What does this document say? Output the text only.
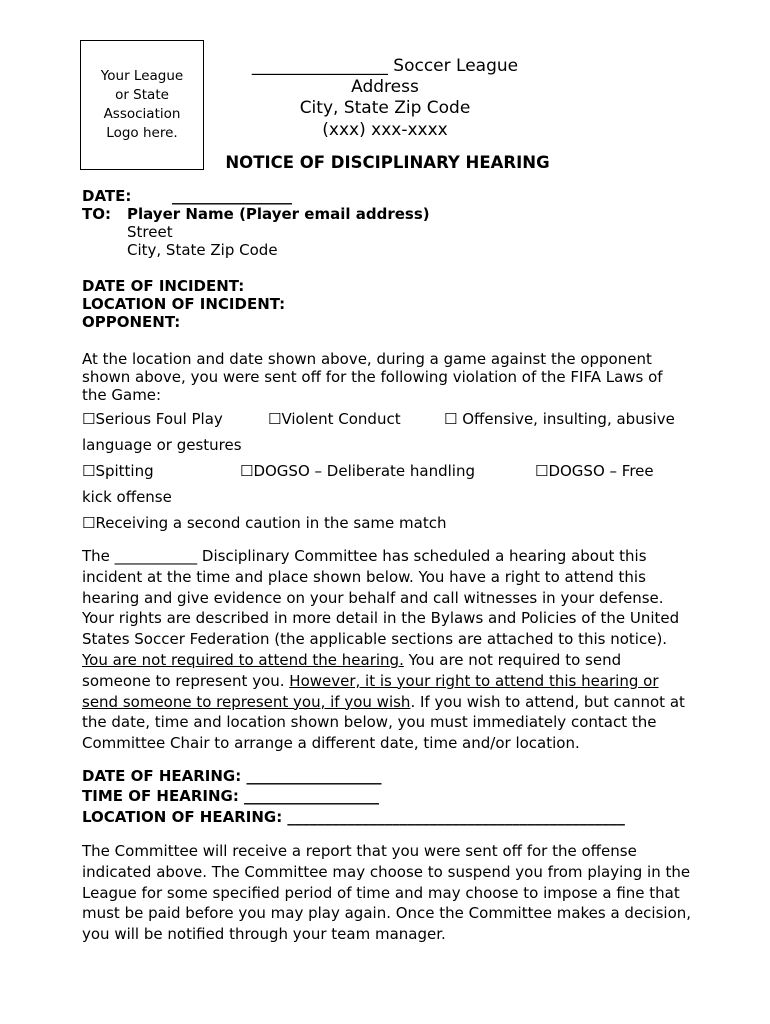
Your League
or State
Association
Logo here.
________________ Soccer League
Address
City, State Zip Code
(xxx) xxx-xxxx
NOTICE OF DISCIPLINARY HEARING
DATE:	________________
TO: Player Name (Player email address)
Street
City, State Zip Code
DATE OF INCIDENT:
LOCATION OF INCIDENT:
OPPONENT:
At the location and date shown above, during a game against the opponent shown above, you were sent off for the following violation of the FIFA Laws of the Game:
☐Serious Foul Play	☐Violent Conduct	☐ Offensive, insulting, abusive
language or gestures
☐Spitting	☐DOGSO – Deliberate handling	☐DOGSO – Free
kick offense
☐Receiving a second caution in the same match
The ___________ Disciplinary Committee has scheduled a hearing about this incident at the time and place shown below. You have a right to attend this hearing and give evidence on your behalf and call witnesses in your defense. Your rights are described in more detail in the Bylaws and Policies of the United States Soccer Federation (the applicable sections are attached to this notice). You are not required to attend the hearing. You are not required to send someone to represent you. However, it is your right to attend this hearing or send someone to represent you, if you wish. If you wish to attend, but cannot at the date, time and location shown below, you must immediately contact the Committee Chair to arrange a different date, time and/or location.
DATE OF HEARING: __________________
TIME OF HEARING: __________________
LOCATION OF HEARING: _____________________________________________
The Committee will receive a report that you were sent off for the offense indicated above. The Committee may choose to suspend you from playing in the League for some specified period of time and may choose to impose a fine that must be paid before you may play again. Once the Committee makes a decision, you will be notified through your team manager.
